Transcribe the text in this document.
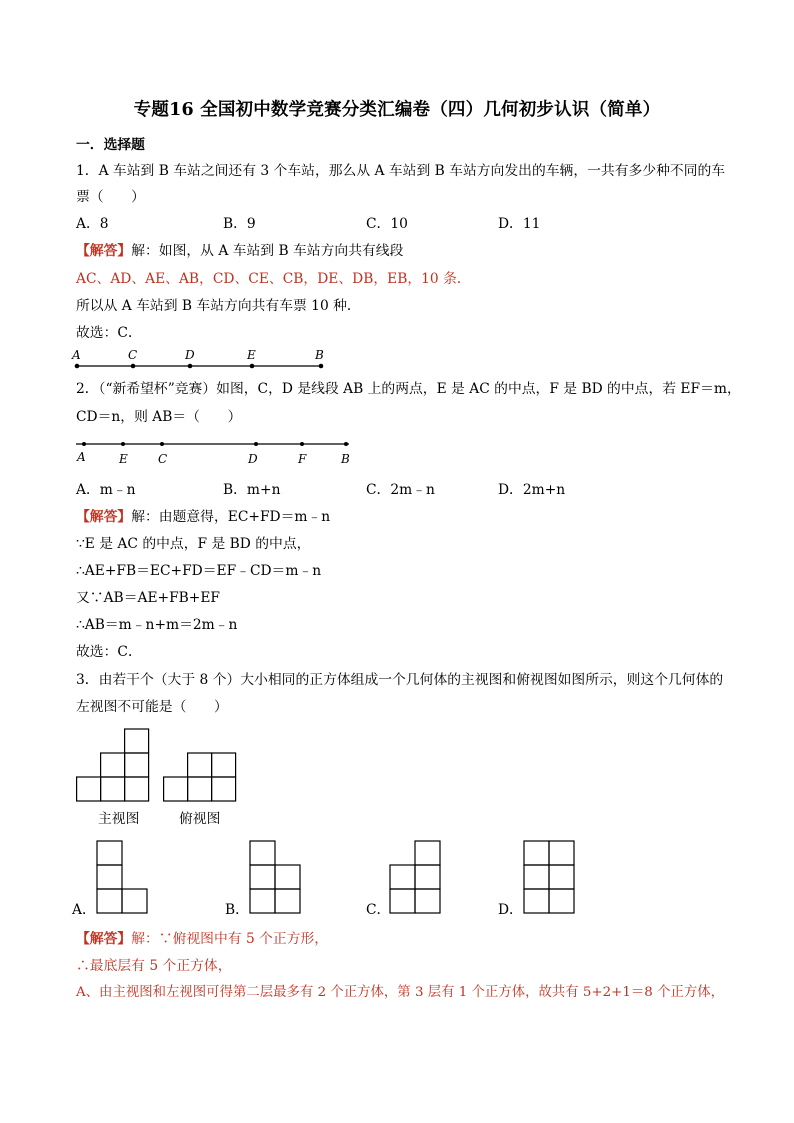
专题16 全国初中数学竞赛分类汇编卷（四）几何初步认识（简单）
一．选择题
1．A 车站到 B 车站之间还有 3 个车站，那么从 A 车站到 B 车站方向发出的车辆，一共有多少种不同的车
票（　　）
A．8	B．9	C．10	D．11
【解答】解：如图，从 A 车站到 B 车站方向共有线段
AC、AD、AE、AB，CD、CE、CB，DE、DB，EB，10 条．
所以从 A 车站到 B 车站方向共有车票 10 种．
故选：C．
A	C	D	E	B
2．（“新希望杯”竞赛）如图，C，D 是线段 AB 上的两点，E 是 AC 的中点，F 是 BD 的中点，若 EF＝m，
CD＝n，则 AB＝（　　）
A	E	C	D	F	B
A．m﹣n	B．m+n	C．2m﹣n	D．2m+n
【解答】解：由题意得，EC+FD＝m﹣n
∵E 是 AC 的中点，F 是 BD 的中点，
∴AE+FB＝EC+FD＝EF﹣CD＝m﹣n
又∵AB＝AE+FB+EF
∴AB＝m﹣n+m＝2m﹣n
故选：C．
3．由若干个（大于 8 个）大小相同的正方体组成一个几何体的主视图和俯视图如图所示，则这个几何体的
左视图不可能是（　　）
主视图	俯视图
A．	B．	C．	D．
【解答】解：∵俯视图中有 5 个正方形，
∴最底层有 5 个正方体，
A、由主视图和左视图可得第二层最多有 2 个正方体，第 3 层有 1 个正方体，故共有 5+2+1＝8 个正方体，
